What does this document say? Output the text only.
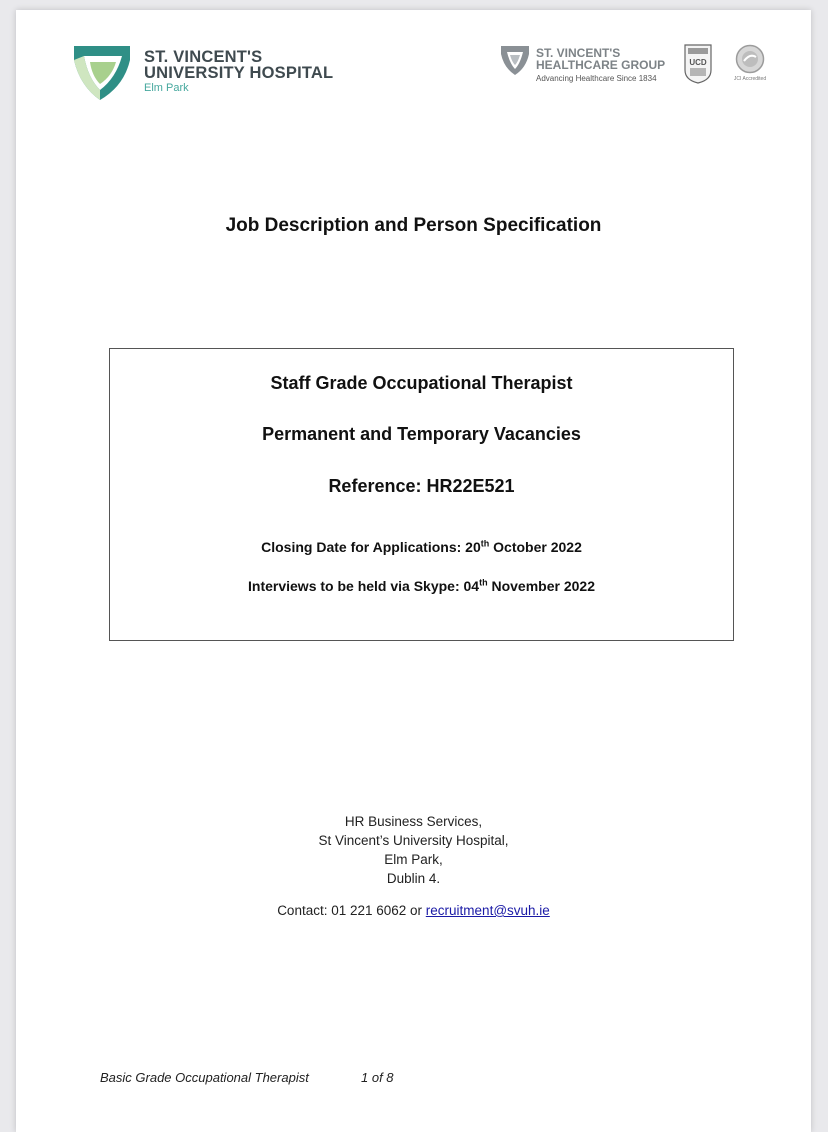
ST. VINCENT'S
UNIVERSITY HOSPITAL
Elm Park
ST. VINCENT'S
HEALTHCARE GROUP
Advancing Healthcare Since 1834
UCD
JCI Accredited
Job Description and Person Specification
Staff Grade Occupational Therapist
Permanent and Temporary Vacancies
Reference: HR22E521
Closing Date for Applications: 20th October 2022
Interviews to be held via Skype: 04th November 2022
HR Business Services,
St Vincent’s University Hospital,
Elm Park,
Dublin 4.
Contact: 01 221 6062 or recruitment@svuh.ie
Basic Grade Occupational Therapist	1 of 8
